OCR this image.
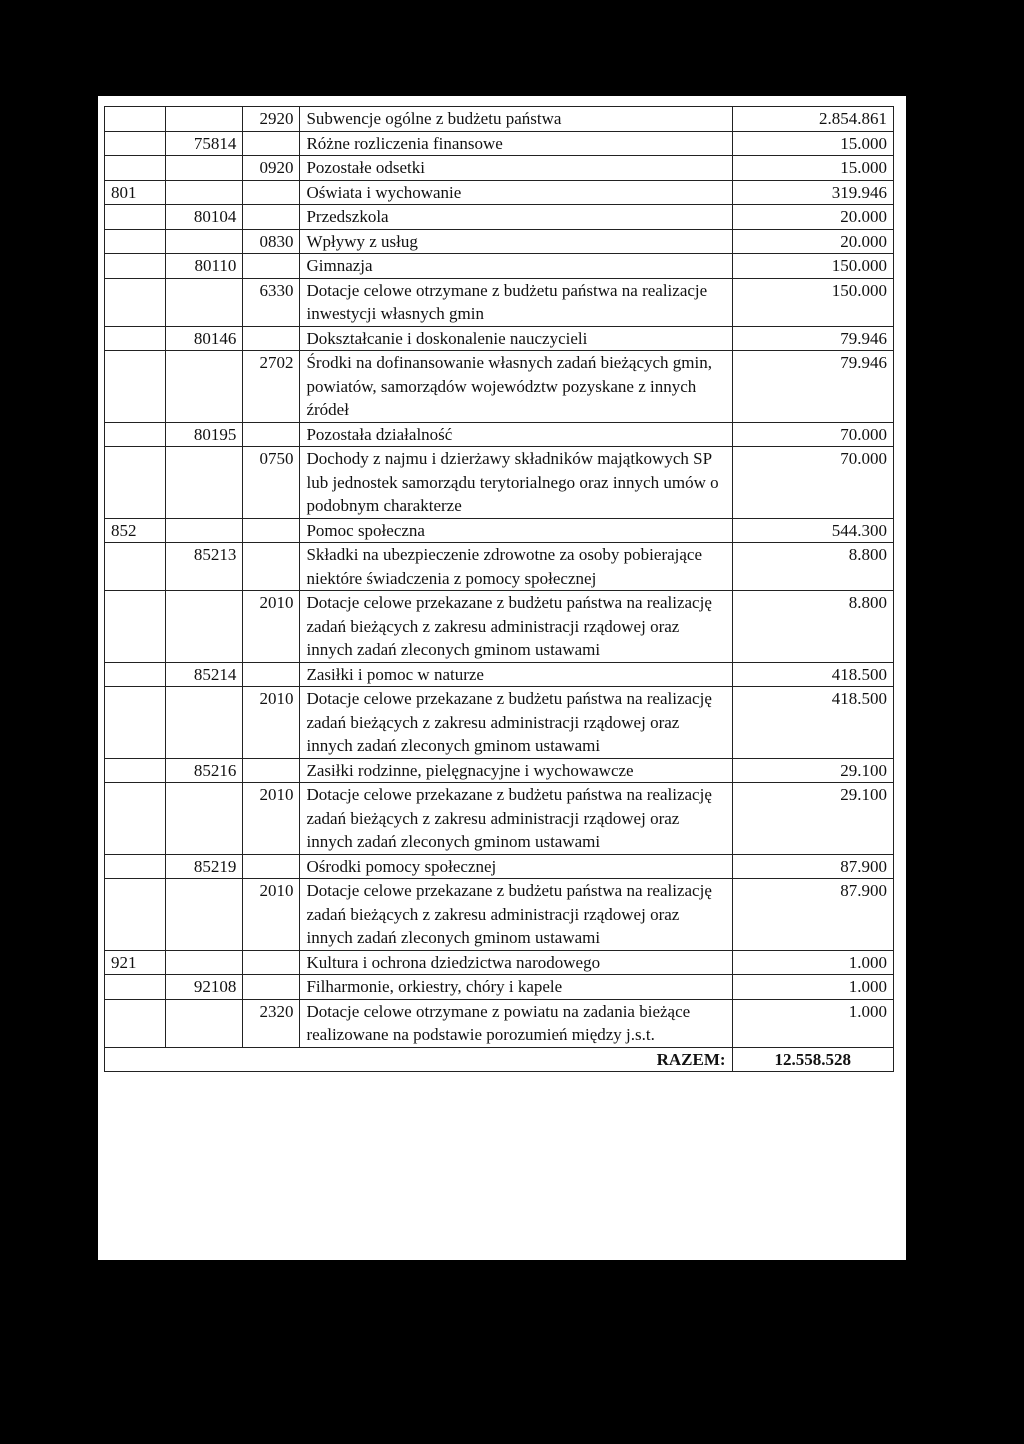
		2920	Subwencje ogólne z budżetu państwa	2.854.861
	75814		Różne rozliczenia finansowe	15.000
		0920	Pozostałe odsetki	15.000
801			Oświata i wychowanie	319.946
	80104		Przedszkola	20.000
		0830	Wpływy z usług	20.000
	80110		Gimnazja	150.000
		6330	Dotacje celowe otrzymane z budżetu państwa na realizacje inwestycji własnych gmin	150.000
	80146		Dokształcanie i doskonalenie nauczycieli	79.946
		2702	Środki na dofinansowanie własnych zadań bieżących gmin, powiatów, samorządów województw pozyskane z innych źródeł	79.946
	80195		Pozostała działalność	70.000
		0750	Dochody z najmu i dzierżawy składników majątkowych SP lub jednostek samorządu terytorialnego oraz innych umów o podobnym charakterze	70.000
852			Pomoc społeczna	544.300
	85213		Składki na ubezpieczenie zdrowotne za osoby pobierające niektóre świadczenia z pomocy społecznej	8.800
		2010	Dotacje celowe przekazane z budżetu państwa na realizację zadań bieżących z zakresu administracji rządowej oraz innych zadań zleconych gminom ustawami	8.800
	85214		Zasiłki i pomoc w naturze	418.500
		2010	Dotacje celowe przekazane z budżetu państwa na realizację zadań bieżących z zakresu administracji rządowej oraz innych zadań zleconych gminom ustawami	418.500
	85216		Zasiłki rodzinne, pielęgnacyjne i wychowawcze	29.100
		2010	Dotacje celowe przekazane z budżetu państwa na realizację zadań bieżących z zakresu administracji rządowej oraz innych zadań zleconych gminom ustawami	29.100
	85219		Ośrodki pomocy społecznej	87.900
		2010	Dotacje celowe przekazane z budżetu państwa na realizację zadań bieżących z zakresu administracji rządowej oraz innych zadań zleconych gminom ustawami	87.900
921			Kultura i ochrona dziedzictwa narodowego	1.000
	92108		Filharmonie, orkiestry, chóry i kapele	1.000
		2320	Dotacje celowe otrzymane z powiatu na zadania bieżące realizowane na podstawie porozumień między j.s.t.	1.000
RAZEM:				12.558.528
